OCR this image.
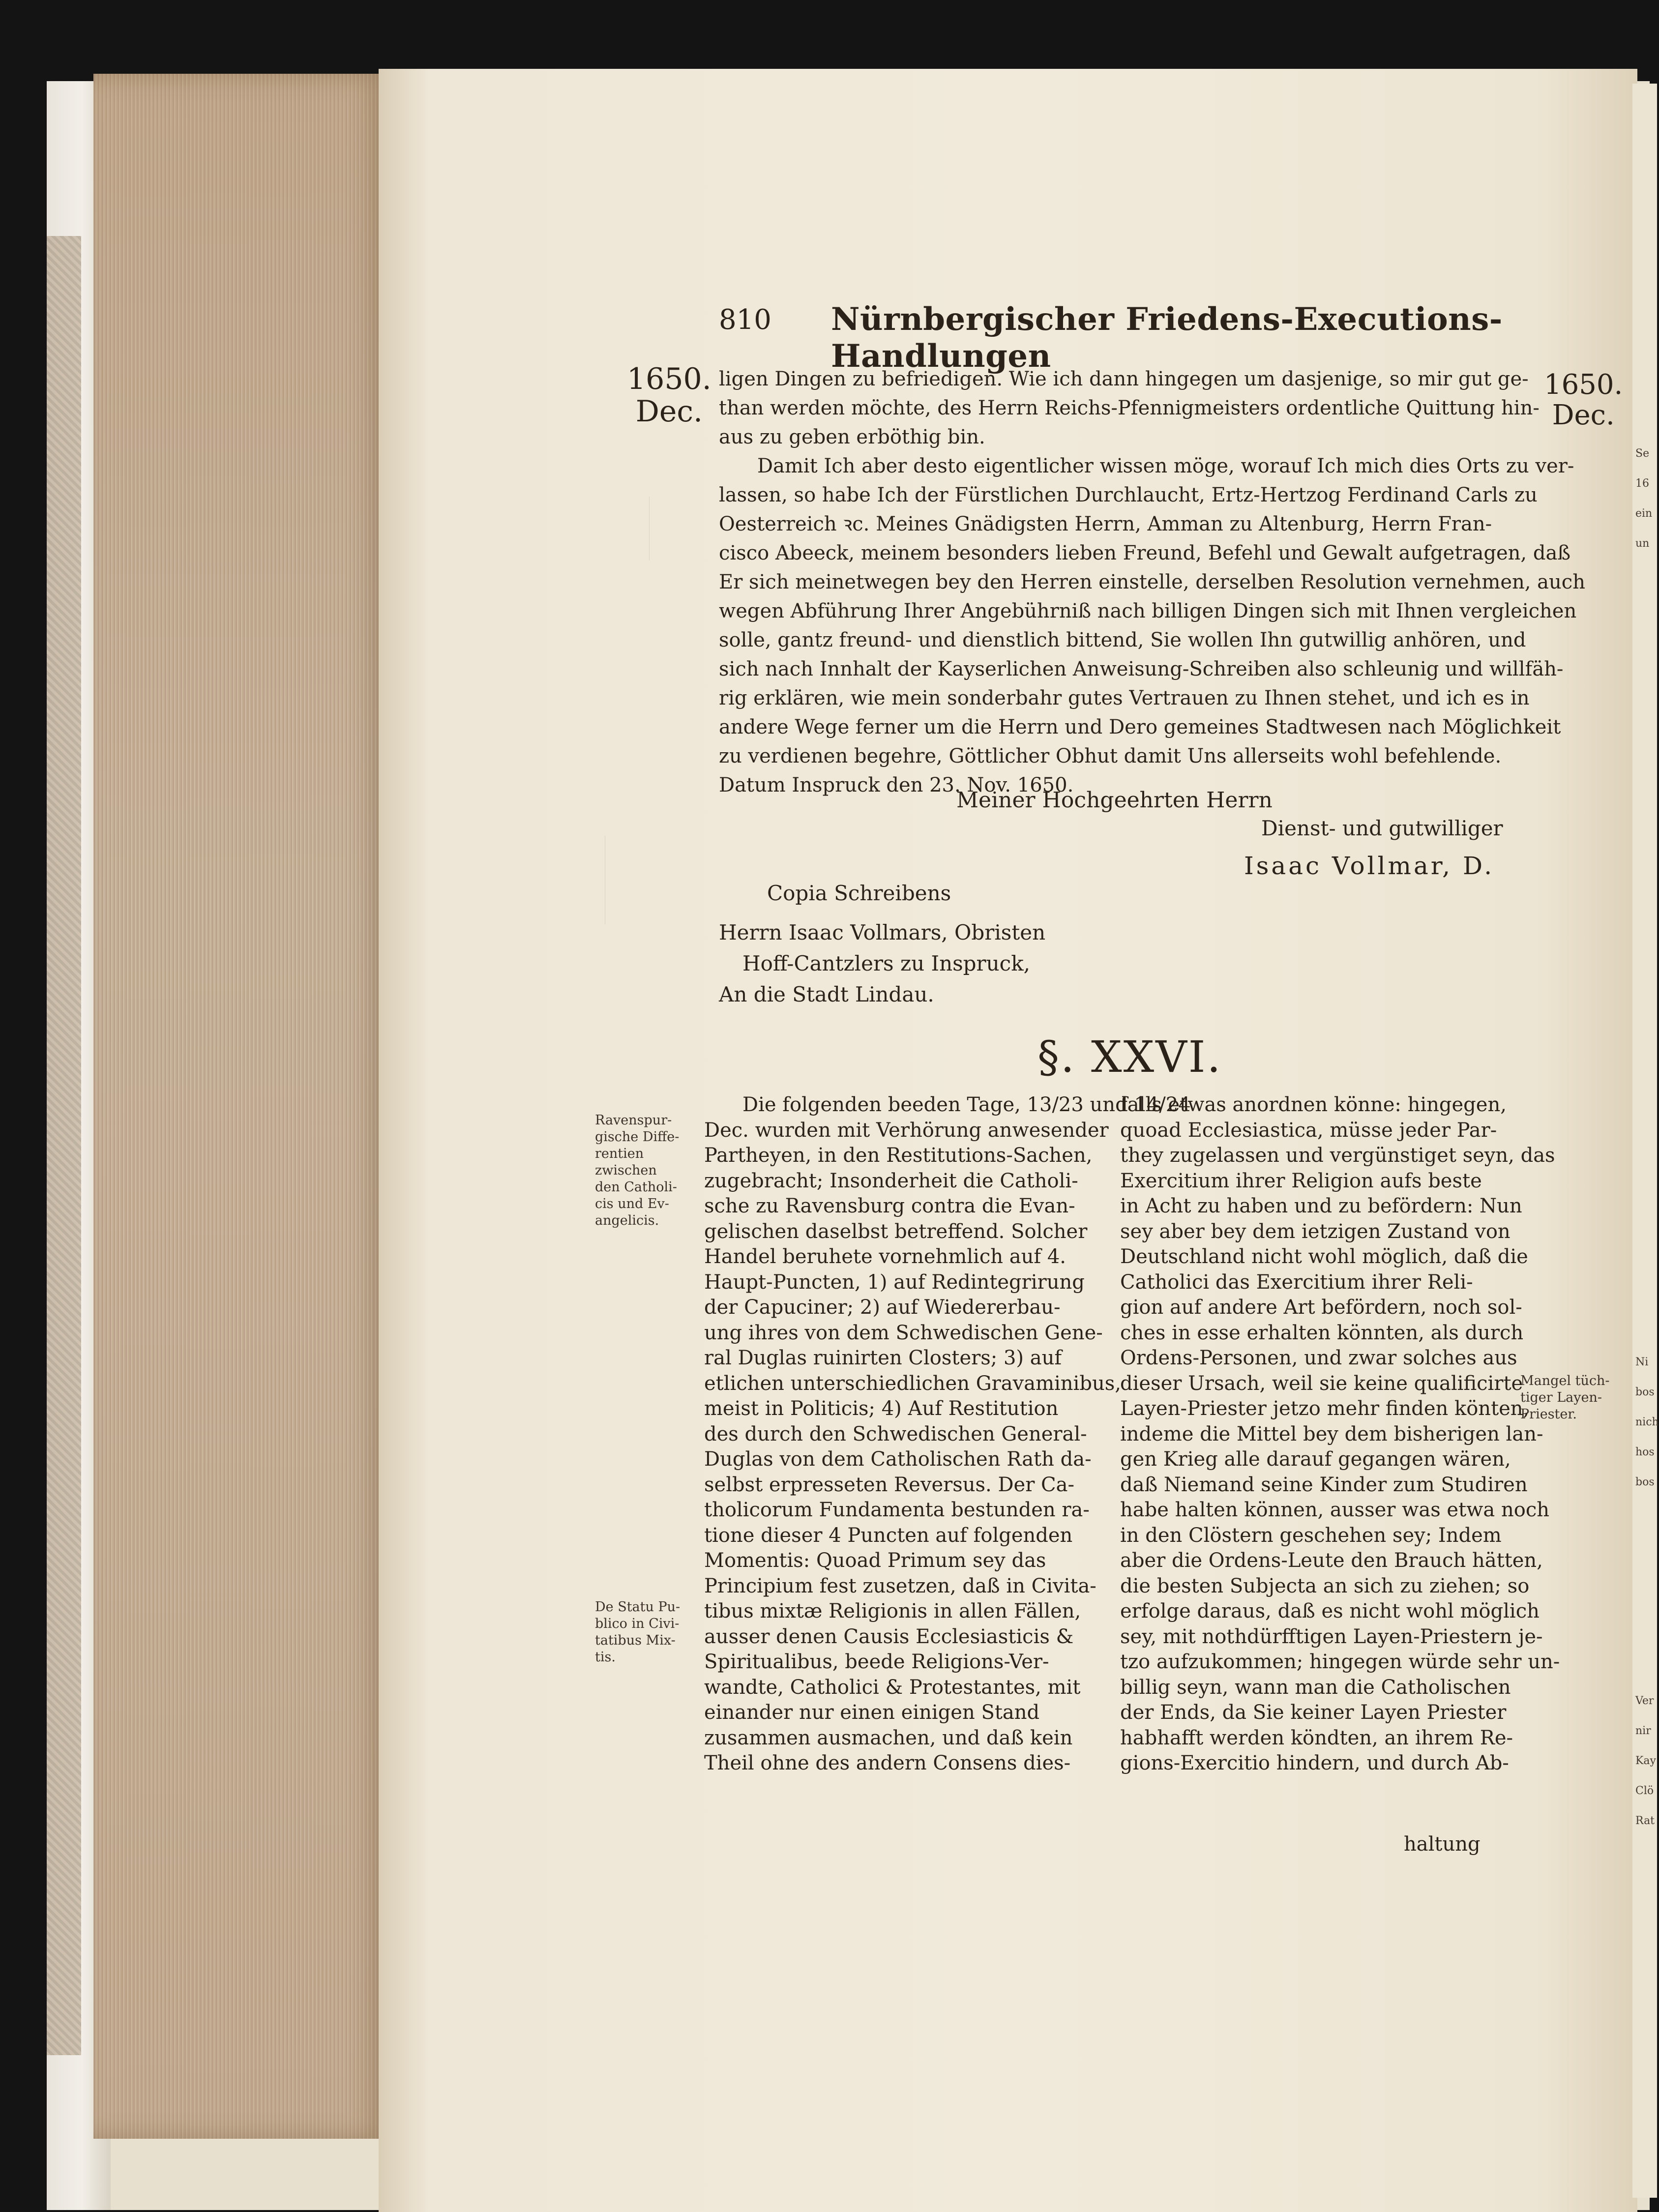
Se
16
ein
un
Ni
bos
nich
hos
bos
Ver
nir
Kay
Clö
Rat
810 Nürnbergischer Friedens-Executions-Handlungen
1650.
Dec.
1650.
Dec.
ligen Dingen zu befriedigen. Wie ich dann hingegen um dasjenige, so mir gut ge-
than werden möchte, des Herrn Reichs-Pfennigmeisters ordentliche Quittung hin-
aus zu geben erböthig bin.
Damit Ich aber desto eigentlicher wissen möge, worauf Ich mich dies Orts zu ver-
lassen, so habe Ich der Fürstlichen Durchlaucht, Ertz-Hertzog Ferdinand Carls zu
Oesterreich ꝛc. Meines Gnädigsten Herrn, Amman zu Altenburg, Herrn Fran-
cisco Abeeck, meinem besonders lieben Freund, Befehl und Gewalt aufgetragen, daß
Er sich meinetwegen bey den Herren einstelle, derselben Resolution vernehmen, auch
wegen Abführung Ihrer Angebührniß nach billigen Dingen sich mit Ihnen vergleichen
solle, gantz freund- und dienstlich bittend, Sie wollen Ihn gutwillig anhören, und
sich nach Innhalt der Kayserlichen Anweisung-Schreiben also schleunig und willfäh-
rig erklären, wie mein sonderbahr gutes Vertrauen zu Ihnen stehet, und ich es in
andere Wege ferner um die Herrn und Dero gemeines Stadtwesen nach Möglichkeit
zu verdienen begehre, Göttlicher Obhut damit Uns allerseits wohl befehlende.
Datum Inspruck den 23. Nov. 1650.
Meiner Hochgeehrten Herrn
Dienst- und gutwilliger
Isaac Vollmar, D.
Copia Schreibens
Herrn Isaac Vollmars, Obristen
Hoff-Cantzlers zu Inspruck,
An die Stadt Lindau.
§. XXVI.
Ravenspur-
gische Diffe-
rentien
zwischen
den Catholi-
cis und Ev-
angelicis.
De Statu Pu-
blico in Civi-
tatibus Mix-
tis.
Mangel tüch-
tiger Layen-
Priester.
Die folgenden beeden Tage, 13/23 und 14/24
Dec. wurden mit Verhörung anwesender
Partheyen, in den Restitutions-Sachen,
zugebracht; Insonderheit die Catholi-
sche zu Ravensburg contra die Evan-
gelischen daselbst betreffend. Solcher
Handel beruhete vornehmlich auf 4.
Haupt-Puncten, 1) auf Redintegrirung
der Capuciner; 2) auf Wiedererbau-
ung ihres von dem Schwedischen Gene-
ral Duglas ruinirten Closters; 3) auf
etlichen unterschiedlichen Gravaminibus,
meist in Politicis; 4) Auf Restitution
des durch den Schwedischen General-
Duglas von dem Catholischen Rath da-
selbst erpresseten Reversus. Der Ca-
tholicorum Fundamenta bestunden ra-
tione dieser 4 Puncten auf folgenden
Momentis: Quoad Primum sey das
Principium fest zusetzen, daß in Civita-
tibus mixtæ Religionis in allen Fällen,
ausser denen Causis Ecclesiasticis &
Spiritualibus, beede Religions-Ver-
wandte, Catholici & Protestantes, mit
einander nur einen einigen Stand
zusammen ausmachen, und daß kein
Theil ohne des andern Consens dies-
falls etwas anordnen könne: hingegen,
quoad Ecclesiastica, müsse jeder Par-
they zugelassen und vergünstiget seyn, das
Exercitium ihrer Religion aufs beste
in Acht zu haben und zu befördern: Nun
sey aber bey dem ietzigen Zustand von
Deutschland nicht wohl möglich, daß die
Catholici das Exercitium ihrer Reli-
gion auf andere Art befördern, noch sol-
ches in esse erhalten könnten, als durch
Ordens-Personen, und zwar solches aus
dieser Ursach, weil sie keine qualificirte
Layen-Priester jetzo mehr finden könten,
indeme die Mittel bey dem bisherigen lan-
gen Krieg alle darauf gegangen wären,
daß Niemand seine Kinder zum Studiren
habe halten können, ausser was etwa noch
in den Clöstern geschehen sey; Indem
aber die Ordens-Leute den Brauch hätten,
die besten Subjecta an sich zu ziehen; so
erfolge daraus, daß es nicht wohl möglich
sey, mit nothdürfftigen Layen-Priestern je-
tzo aufzukommen; hingegen würde sehr un-
billig seyn, wann man die Catholischen
der Ends, da Sie keiner Layen Priester
habhafft werden köndten, an ihrem Re-
gions-Exercitio hindern, und durch Ab-
haltung
